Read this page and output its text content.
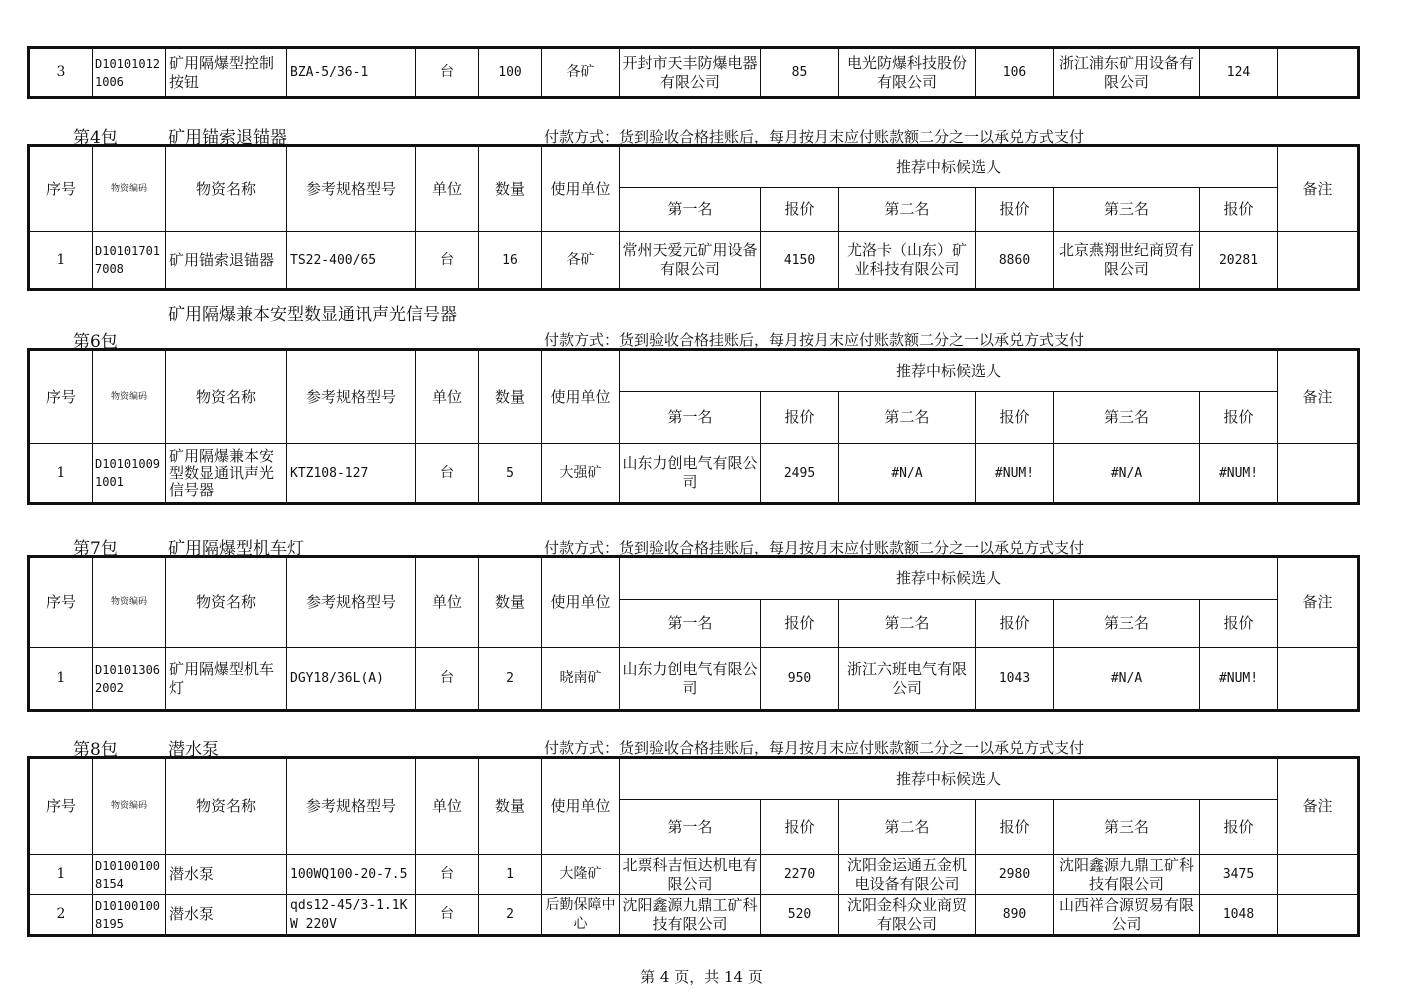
3	D101010121006	矿用隔爆型控制按钮	BZA-5/36-1	台	100	各矿	开封市天丰防爆电器有限公司	85	电光防爆科技股份有限公司	106	浙江浦东矿用设备有限公司	124	
第4包	矿用锚索退锚器	付款方式：货到验收合格挂账后，每月按月末应付账款额二分之一以承兑方式支付
序号	物资编码	物资名称	参考规格型号	单位	数量	使用单位	推荐中标候选人						备注
							第一名	报价	第二名	报价	第三名	报价	
1	D101017017008	矿用锚索退锚器	TS22-400/65	台	16	各矿	常州天爱元矿用设备有限公司	4150	尤洛卡（山东）矿业科技有限公司	8860	北京燕翔世纪商贸有限公司	20281	
第6包
矿用隔爆兼本安型数显通讯声光信号器
付款方式：货到验收合格挂账后，每月按月末应付账款额二分之一以承兑方式支付
序号	物资编码	物资名称	参考规格型号	单位	数量	使用单位	推荐中标候选人						备注
							第一名	报价	第二名	报价	第三名	报价	
1	D101010091001	矿用隔爆兼本安型数显通讯声光信号器	KTZ108-127	台	5	大强矿	山东力创电气有限公司	2495	#N/A	#NUM!	#N/A	#NUM!	
第7包	矿用隔爆型机车灯	付款方式：货到验收合格挂账后，每月按月末应付账款额二分之一以承兑方式支付
序号	物资编码	物资名称	参考规格型号	单位	数量	使用单位	推荐中标候选人						备注
							第一名	报价	第二名	报价	第三名	报价	
1	D101013062002	矿用隔爆型机车灯	DGY18/36L(A)	台	2	晓南矿	山东力创电气有限公司	950	浙江六班电气有限公司	1043	#N/A	#NUM!	
第8包	潜水泵	付款方式：货到验收合格挂账后，每月按月末应付账款额二分之一以承兑方式支付
序号	物资编码	物资名称	参考规格型号	单位	数量	使用单位	推荐中标候选人						备注
							第一名	报价	第二名	报价	第三名	报价	
1	D101001008154	潜水泵	100WQ100-20-7.5	台	1	大隆矿	北票科吉恒达机电有限公司	2270	沈阳金运通五金机电设备有限公司	2980	沈阳鑫源九鼎工矿科技有限公司	3475	
2	D101001008195	潜水泵	qds12-45/3-1.1KW 220V	台	2	后勤保障中心	沈阳鑫源九鼎工矿科技有限公司	520	沈阳金科众业商贸有限公司	890	山西祥合源贸易有限公司	1048	
第 4 页，共 14 页
